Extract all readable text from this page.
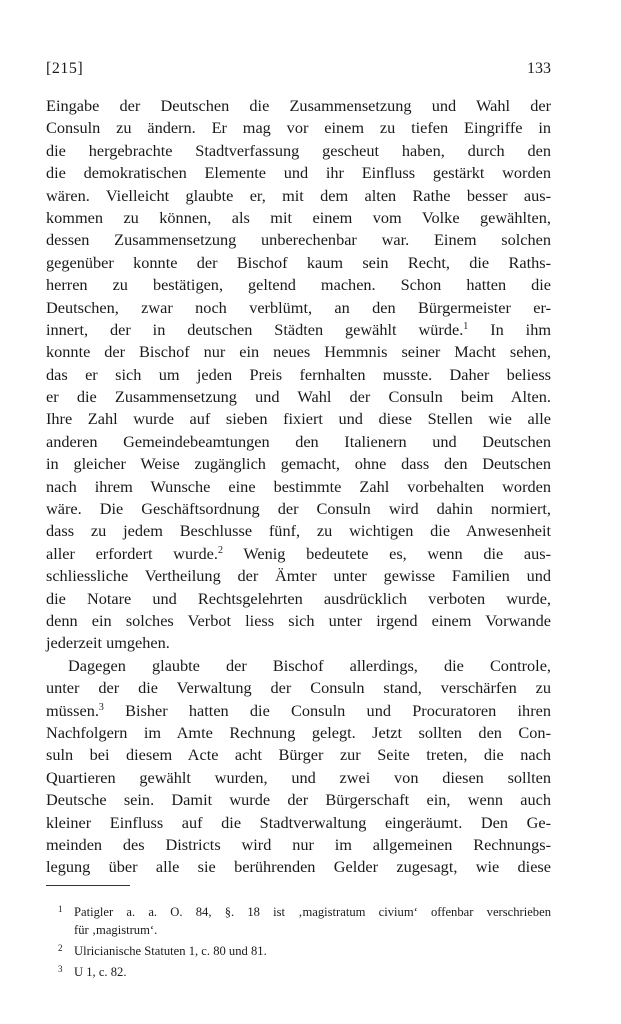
[215]	133
Eingabe der Deutschen die Zusammensetzung und Wahl der
Consuln zu ändern. Er mag vor einem zu tiefen Eingriffe in
die hergebrachte Stadtverfassung gescheut haben, durch den
die demokratischen Elemente und ihr Einfluss gestärkt worden
wären. Vielleicht glaubte er, mit dem alten Rathe besser aus-
kommen zu können, als mit einem vom Volke gewählten,
dessen Zusammensetzung unberechenbar war. Einem solchen
gegenüber konnte der Bischof kaum sein Recht, die Raths-
herren zu bestätigen, geltend machen. Schon hatten die
Deutschen, zwar noch verblümt, an den Bürgermeister er-
innert, der in deutschen Städten gewählt würde.$^1$ In ihm
konnte der Bischof nur ein neues Hemmnis seiner Macht sehen,
das er sich um jeden Preis fernhalten musste. Daher beliess
er die Zusammensetzung und Wahl der Consuln beim Alten.
Ihre Zahl wurde auf sieben fixiert und diese Stellen wie alle
anderen Gemeindebeamtungen den Italienern und Deutschen
in gleicher Weise zugänglich gemacht, ohne dass den Deutschen
nach ihrem Wunsche eine bestimmte Zahl vorbehalten worden
wäre. Die Geschäftsordnung der Consuln wird dahin normiert,
dass zu jedem Beschlusse fünf, zu wichtigen die Anwesenheit
aller erfordert wurde.$^2$ Wenig bedeutete es, wenn die aus-
schliessliche Vertheilung der Ämter unter gewisse Familien und
die Notare und Rechtsgelehrten ausdrücklich verboten wurde,
denn ein solches Verbot liess sich unter irgend einem Vorwande
jederzeit umgehen.
Dagegen glaubte der Bischof allerdings, die Controle,
unter der die Verwaltung der Consuln stand, verschärfen zu
müssen.$^3$ Bisher hatten die Consuln und Procuratoren ihren
Nachfolgern im Amte Rechnung gelegt. Jetzt sollten den Con-
suln bei diesem Acte acht Bürger zur Seite treten, die nach
Quartieren gewählt wurden, und zwei von diesen sollten
Deutsche sein. Damit wurde der Bürgerschaft ein, wenn auch
kleiner Einfluss auf die Stadtverwaltung eingeräumt. Den Ge-
meinden des Districts wird nur im allgemeinen Rechnungs-
legung über alle sie berührenden Gelder zugesagt, wie diese
1 Patigler a. a. O. 84, §. 18 ist ‚magistratum civium‘ offenbar verschrieben
für ‚magistrum‘.
2 Ulricianische Statuten 1, c. 80 und 81.
3 U 1, c. 82.
